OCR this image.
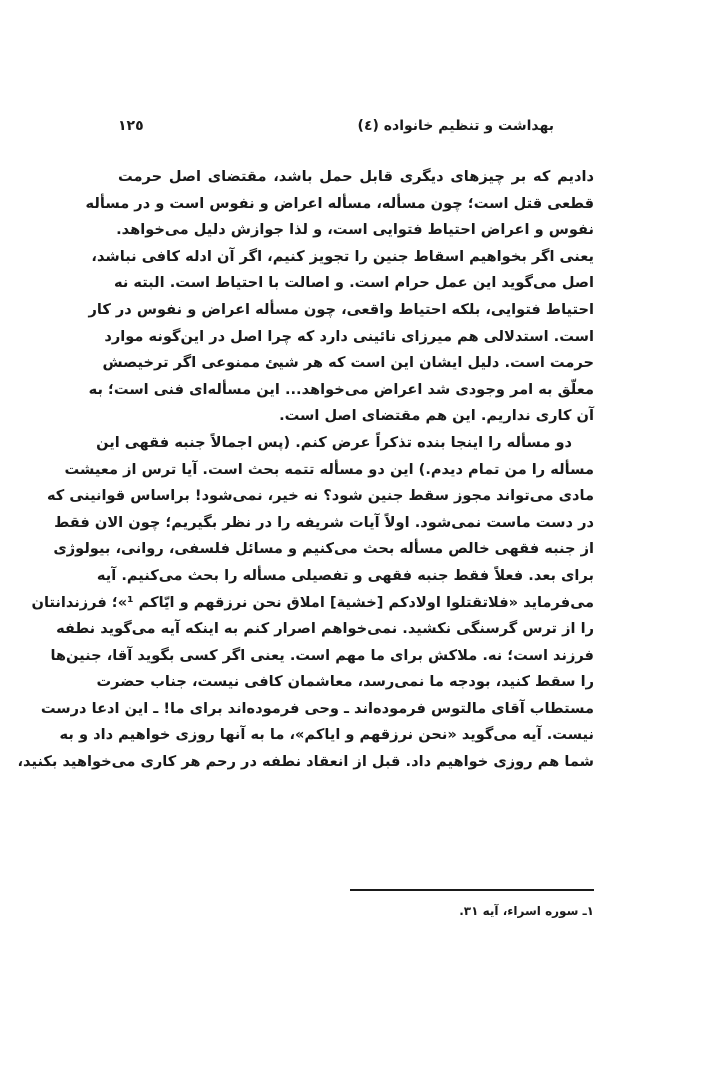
بهداشت و تنظیم خانواده (٤)
١٢٥
دادیم که بر چیزهای دیگری قابل حمل باشد، مقتضای اصل حرمت
قطعی قتل است؛ چون مسأله، مسأله اعراض و نفوس است و در مسأله
نفوس و اعراض احتیاط فتوایی است، و لذا جوازش دلیل می‌خواهد.
یعنی اگر بخواهیم اسقاط جنین را تجویز کنیم، اگر آن ادله کافی نباشد،
اصل می‌گوید این عمل حرام است. و اصالت با احتیاط است. البته نه
احتیاط فتوایی، بلکه احتیاط واقعی، چون مسأله اعراض و نفوس در کار
است. استدلالی هم میرزای نائینی دارد که چرا اصل در این‌گونه موارد
حرمت است. دلیل ایشان این است که هر شیئ ممنوعی اگر ترخیصش
معلّق به امر وجودی شد اعراض می‌خواهد... این مسأله‌ای فنی است؛ به
آن کاری نداریم. این هم مقتضای اصل است.
دو مسأله را اینجا بنده تذکراً عرض کنم. (پس اجمالاً جنبه فقهی این
مسأله را من تمام دیدم.) این دو مسأله تتمه بحث است. آیا ترس از معیشت
مادی می‌تواند مجوز سقط جنین شود؟ نه خیر، نمی‌شود! براساس قوانینی که
در دست ماست نمی‌شود. اولاً آیات شریفه را در نظر بگیریم؛ چون الان فقط
از جنبه فقهی خالص مسأله بحث می‌کنیم و مسائل فلسفی، روانی، بیولوژی
برای بعد. فعلاً فقط جنبه فقهی و تفصیلی مسأله را بحث می‌کنیم. آیه
می‌فرماید «فلاتقتلوا اولادکم [خشیة] املاق نحن نرزقهم و ایّاکم ¹»؛ فرزندانتان
را از ترس گرسنگی نکشید. نمی‌خواهم اصرار کنم به اینکه آیه می‌گوید نطفه
فرزند است؛ نه. ملاکش برای ما مهم است. یعنی اگر کسی بگوید آقا، جنین‌ها
را سقط کنید، بودجه ما نمی‌رسد، معاشمان کافی نیست، جناب حضرت
مستطاب آقای مالتوس فرموده‌اند ـ وحی فرموده‌اند برای ما! ـ این ادعا درست
نیست. آیه می‌گوید «نحن نرزقهم و ایاکم»، ما به آنها روزی خواهیم داد و به
شما هم روزی خواهیم داد. قبل از انعقاد نطفه در رحم هر کاری می‌خواهید بکنید،
١ـ سوره اسراء، آیه ٣١.
